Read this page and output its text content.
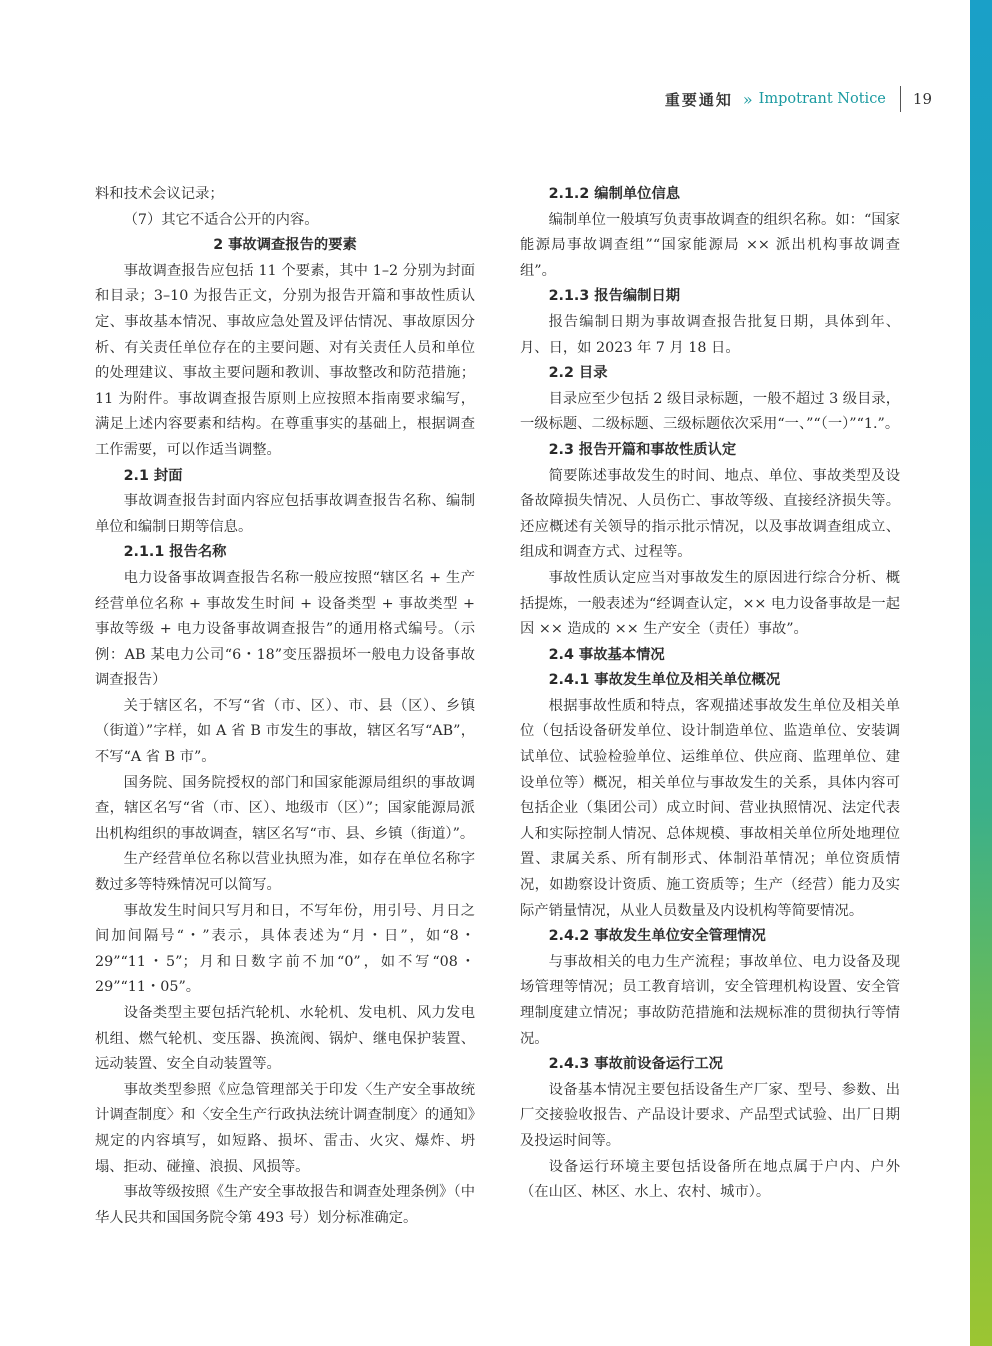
重要通知 » Impotrant Notice 19

料和技术会议记录；

（7）其它不适合公开的内容。

2 事故调查报告的要素

事故调查报告应包括 11 个要素，其中 1–2 分别为封面和目录；3–10 为报告正文，分别为报告开篇和事故性质认定、事故基本情况、事故应急处置及评估情况、事故原因分析、有关责任单位存在的主要问题、对有关责任人员和单位的处理建议、事故主要问题和教训、事故整改和防范措施；11 为附件。事故调查报告原则上应按照本指南要求编写，满足上述内容要素和结构。在尊重事实的基础上，根据调查工作需要，可以作适当调整。

2.1 封面

事故调查报告封面内容应包括事故调查报告名称、编制单位和编制日期等信息。

2.1.1 报告名称

电力设备事故调查报告名称一般应按照“辖区名 + 生产经营单位名称 + 事故发生时间 + 设备类型 + 事故类型 + 事故等级 + 电力设备事故调查报告”的通用格式编号。（示例：AB 某电力公司“6・18”变压器损坏一般电力设备事故调查报告）

关于辖区名，不写“省（市、区）、市、县（区）、乡镇（街道）”字样，如 A 省 B 市发生的事故，辖区名写“AB”，不写“A 省 B 市”。

国务院、国务院授权的部门和国家能源局组织的事故调查，辖区名写“省（市、区）、地级市（区）”；国家能源局派出机构组织的事故调查，辖区名写“市、县、乡镇（街道）”。

生产经营单位名称以营业执照为准，如存在单位名称字数过多等特殊情况可以简写。

事故发生时间只写月和日，不写年份，用引号、月日之间加间隔号“・”表示，具体表述为“月・日”，如“8・29”“11・5”；月和日数字前不加“0”，如不写“08・29”“11・05”。

设备类型主要包括汽轮机、水轮机、发电机、风力发电机组、燃气轮机、变压器、换流阀、锅炉、继电保护装置、远动装置、安全自动装置等。

事故类型参照《应急管理部关于印发〈生产安全事故统计调查制度〉和〈安全生产行政执法统计调查制度〉的通知》规定的内容填写，如短路、损坏、雷击、火灾、爆炸、坍塌、拒动、碰撞、浪损、风损等。

事故等级按照《生产安全事故报告和调查处理条例》（中华人民共和国国务院令第 493 号）划分标准确定。

2.1.2 编制单位信息

编制单位一般填写负责事故调查的组织名称。如：“国家能源局事故调查组”“国家能源局 ×× 派出机构事故调查组”。

2.1.3 报告编制日期

报告编制日期为事故调查报告批复日期，具体到年、月、日，如 2023 年 7 月 18 日。

2.2 目录

目录应至少包括 2 级目录标题，一般不超过 3 级目录，一级标题、二级标题、三级标题依次采用“一、”“（一）”“1.”。

2.3 报告开篇和事故性质认定

简要陈述事故发生的时间、地点、单位、事故类型及设备故障损失情况、人员伤亡、事故等级、直接经济损失等。还应概述有关领导的指示批示情况，以及事故调查组成立、组成和调查方式、过程等。

事故性质认定应当对事故发生的原因进行综合分析、概括提炼，一般表述为“经调查认定，×× 电力设备事故是一起因 ×× 造成的 ×× 生产安全（责任）事故”。

2.4 事故基本情况
2.4.1 事故发生单位及相关单位概况

根据事故性质和特点，客观描述事故发生单位及相关单位（包括设备研发单位、设计制造单位、监造单位、安装调试单位、试验检验单位、运维单位、供应商、监理单位、建设单位等）概况，相关单位与事故发生的关系，具体内容可包括企业（集团公司）成立时间、营业执照情况、法定代表人和实际控制人情况、总体规模、事故相关单位所处地理位置、隶属关系、所有制形式、体制沿革情况；单位资质情况，如勘察设计资质、施工资质等；生产（经营）能力及实际产销量情况，从业人员数量及内设机构等简要情况。

2.4.2 事故发生单位安全管理情况

与事故相关的电力生产流程；事故单位、电力设备及现场管理等情况；员工教育培训，安全管理机构设置、安全管理制度建立情况；事故防范措施和法规标准的贯彻执行等情况。

2.4.3 事故前设备运行工况

设备基本情况主要包括设备生产厂家、型号、参数、出厂交接验收报告、产品设计要求、产品型式试验、出厂日期及投运时间等。

设备运行环境主要包括设备所在地点属于户内、户外（在山区、林区、水上、农村、城市）。
